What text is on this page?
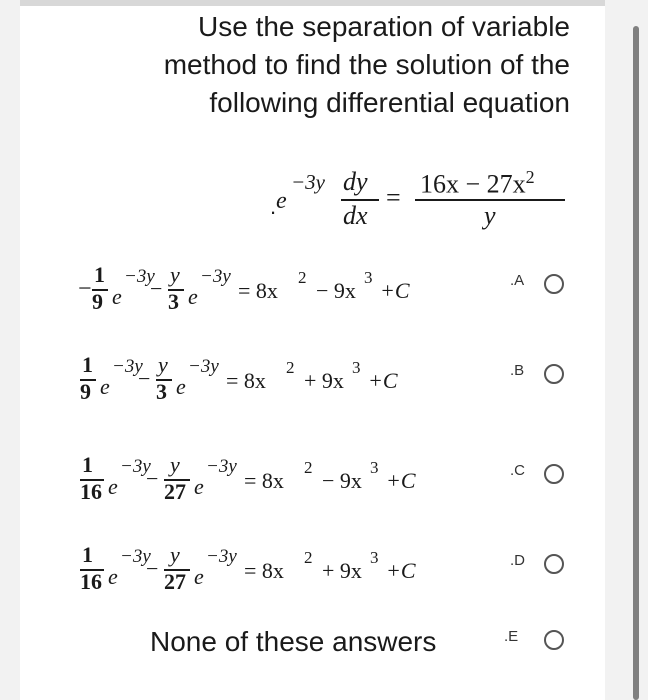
Use the separation of variable
method to find the solution of the
following differential equation
. e
−3y dy
dx
= $16x - 27x^2$
y
−
1
9 e
−3y
−
y
3 e
−3y
= 8x
2
− 9x
3
+C	.A
1
9 e
−3y
−
y
3 e
−3y
= 8x
2
+ 9x
3
+C	.B
1
16 e
−3y
−
y
27 e
−3y
= 8x
2
− 9x
3
+C	.C
1
16 e
−3y
−
y
27 e
−3y
= 8x
2
+ 9x
3
+C	.D
None of these answers	.E
